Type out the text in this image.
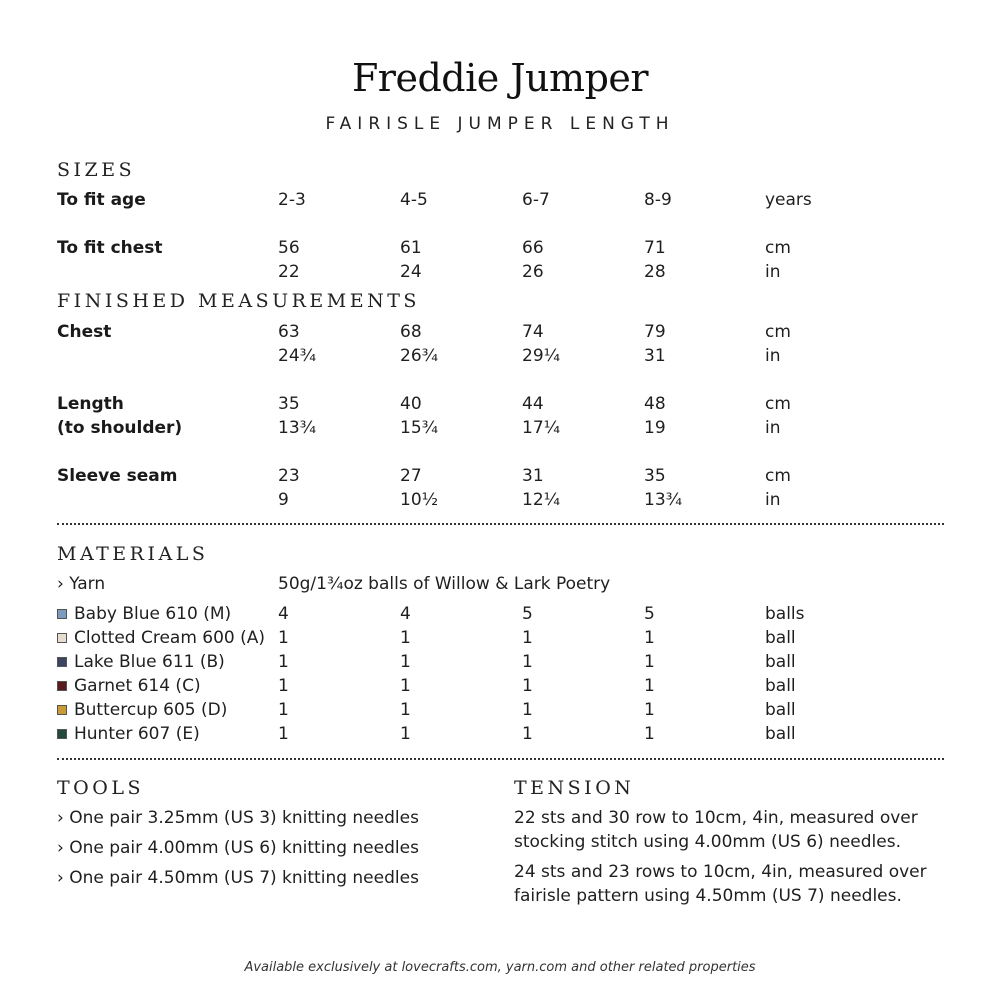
Freddie Jumper
FAIRISLE JUMPER LENGTH
SIZES
To fit age	2-3	4-5	6-7	8-9	years
To fit chest	56	61	66	71	cm
22	24	26	28	in
FINISHED MEASUREMENTS
Chest	63	68	74	79	cm
24¾	26¾	29¼	31	in
Length
(to shoulder)
35	40	44	48	cm
13¾	15¾	17¼	19	in
Sleeve seam	23	27	31	35	cm
9	10½	12¼	13¾	in
MATERIALS
› Yarn	50g/1¾oz balls of Willow & Lark Poetry
Baby Blue 610 (M)	4	4	5	5	balls
Clotted Cream 600 (A) 1	1	1	1	ball
Lake Blue 611 (B)	1	1	1	1	ball
Garnet 614 (C)	1	1	1	1	ball
Buttercup 605 (D)	1	1	1	1	ball
Hunter 607 (E)	1	1	1	1	ball
TOOLS
› One pair 3.25mm (US 3) knitting needles
› One pair 4.00mm (US 6) knitting needles
› One pair 4.50mm (US 7) knitting needles
TENSION
22 sts and 30 row to 10cm, 4in, measured over stocking stitch using 4.00mm (US 6) needles.
24 sts and 23 rows to 10cm, 4in, measured over fairisle pattern using 4.50mm (US 7) needles.
Available exclusively at lovecrafts.com, yarn.com and other related properties
